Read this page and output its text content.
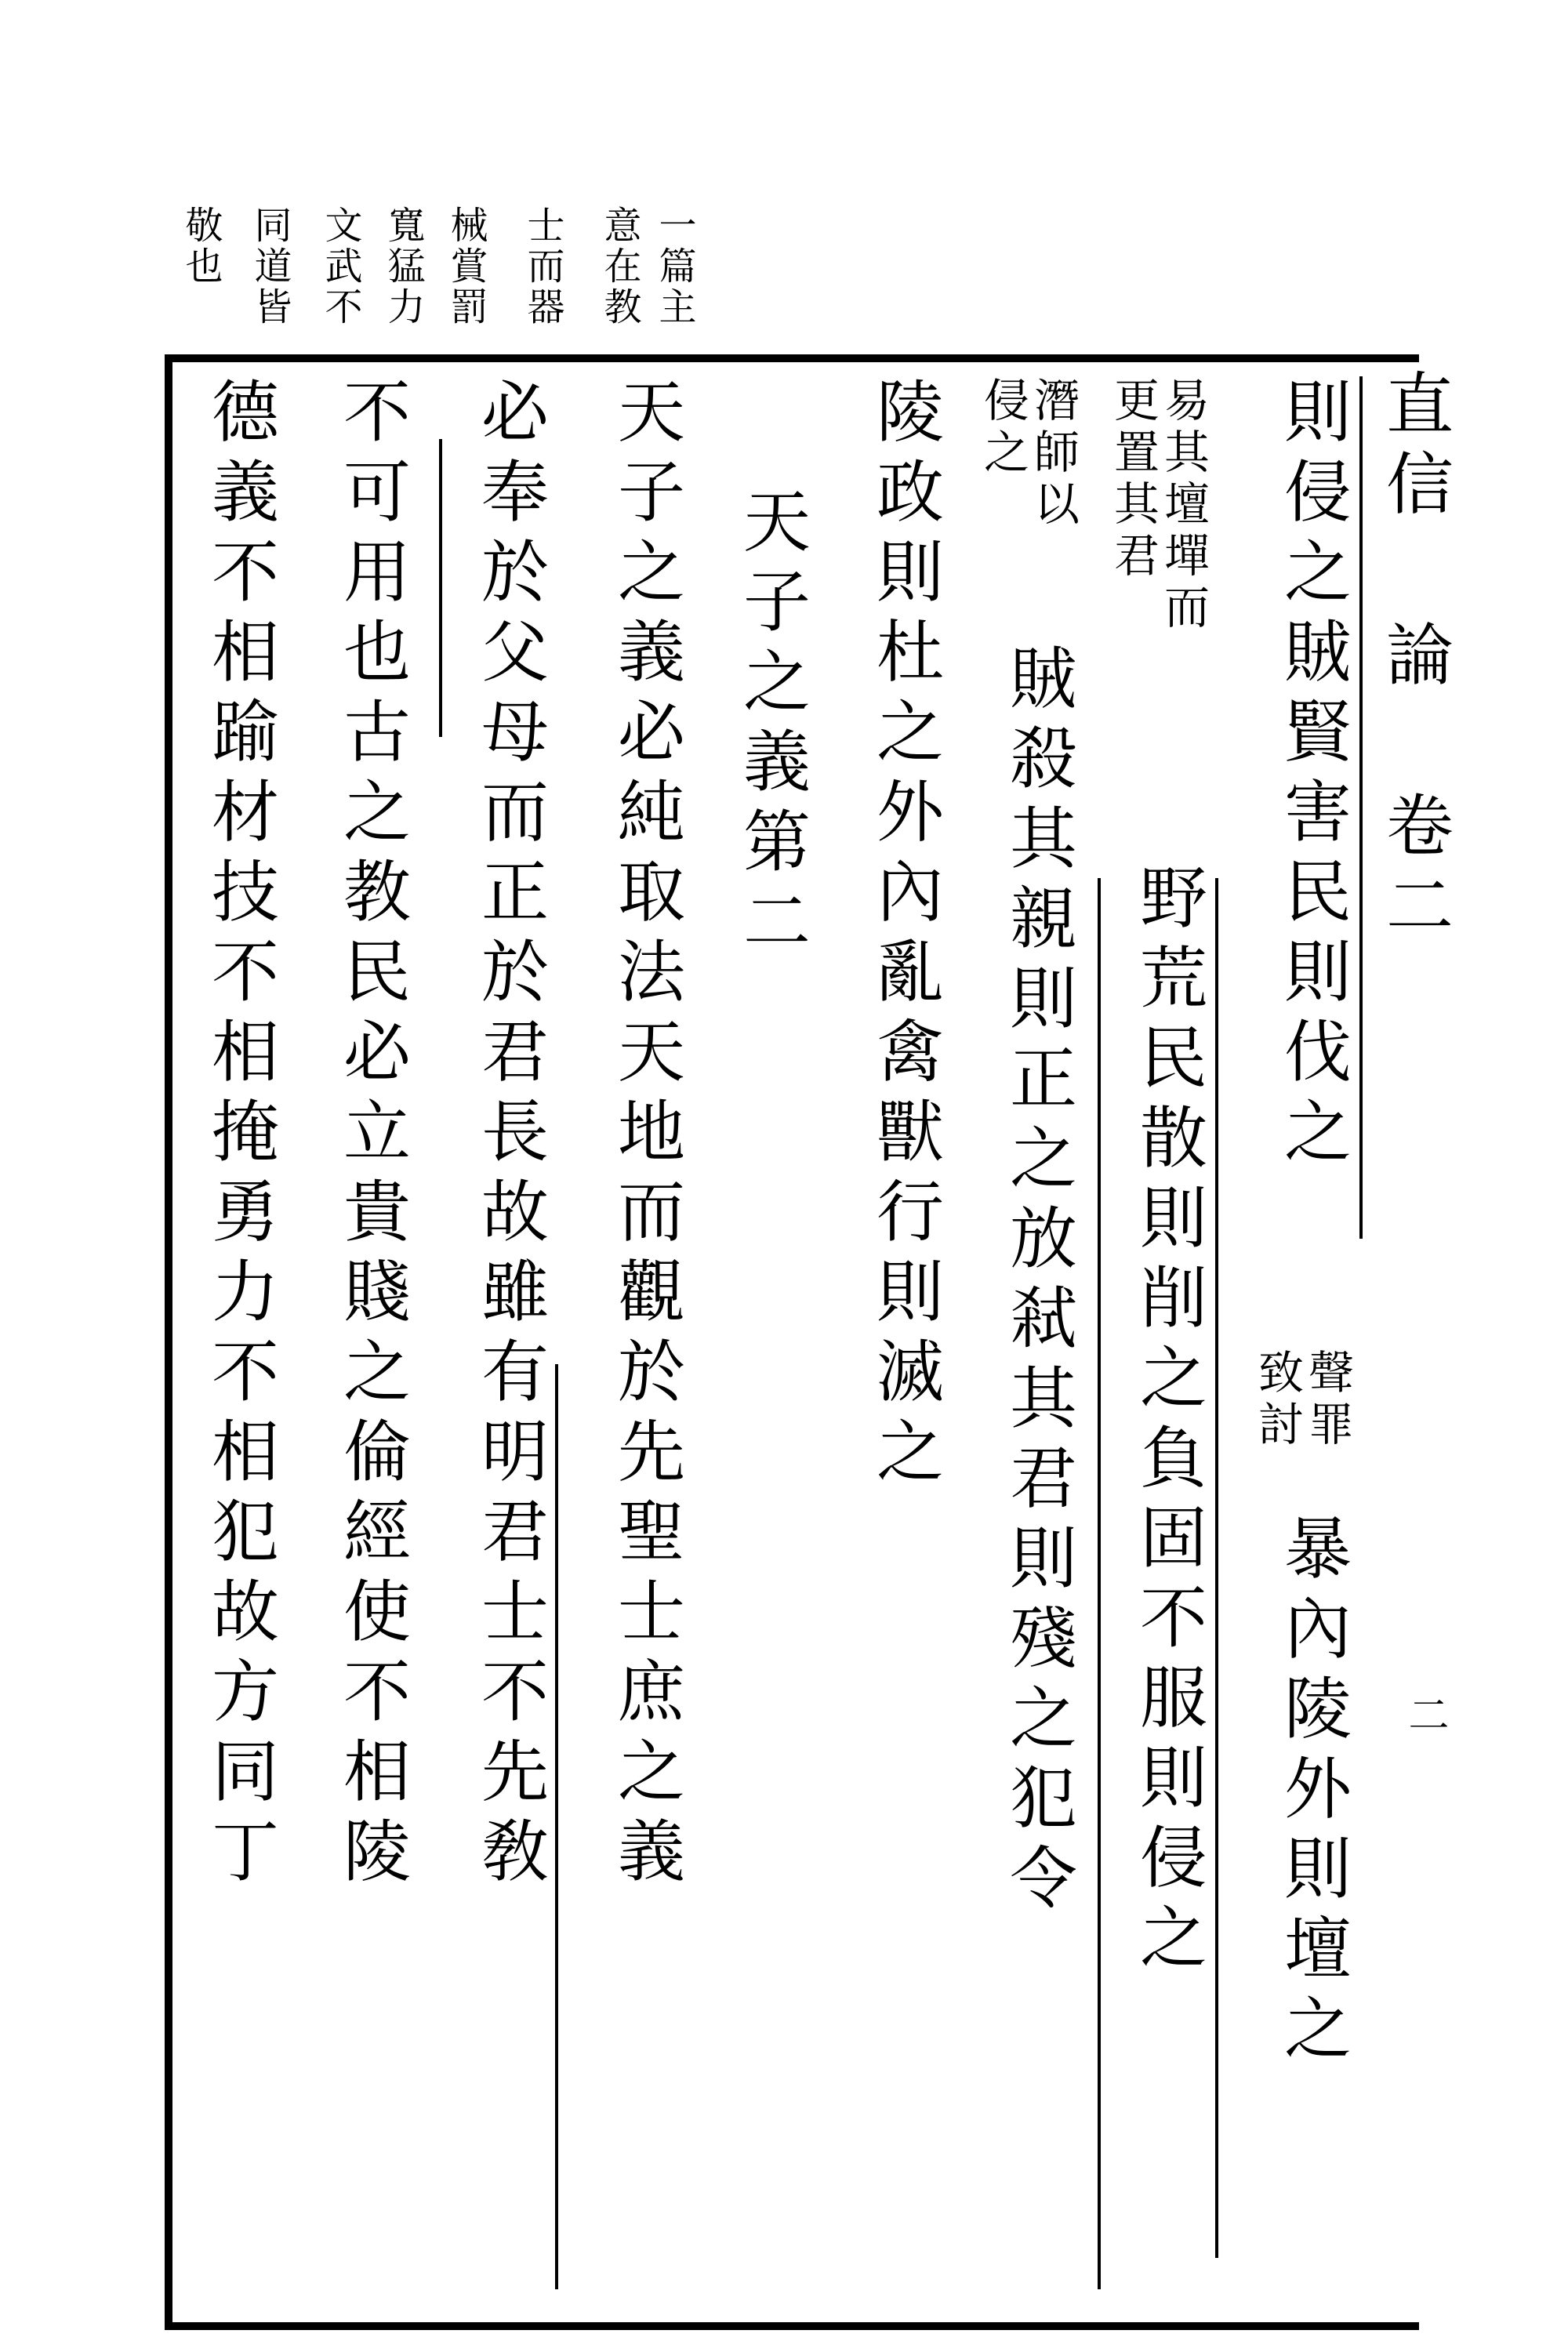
一篇主
意在教
士而器
械賞罰
寬猛力
文武不
同道皆
敬也
直信 論 卷二
二
則侵之賊賢害民則伐之
聲罪
致討
暴內陵外則壇之
易其壇墠而
更置其君
野荒民散則削之負固不服則侵之
潛師以
侵之
賊殺其親則正之放弒其君則殘之犯令
陵政則杜之外內亂禽獸行則滅之
天子之義第二
天子之義必純取法天地而觀於先聖士庶之義
必奉於父母而正於君長故雖有明君士不先敎
不可用也古之教民必立貴賤之倫經使不相陵
德義不相踰材技不相掩勇力不相犯故方同丁
